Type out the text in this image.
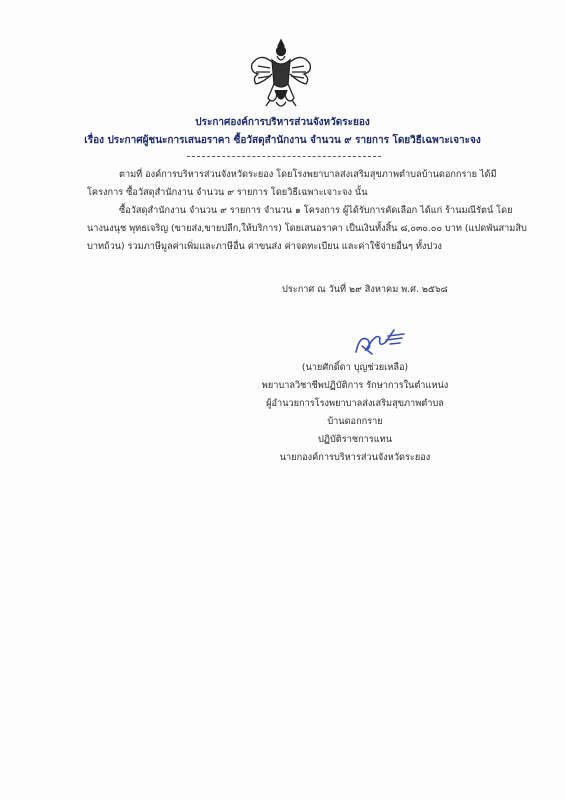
ประกาศองค์การบริหารส่วนจังหวัดระยอง
เรื่อง ประกาศผู้ชนะการเสนอราคา ซื้อวัสดุสำนักงาน จำนวน ๙ รายการ โดยวิธีเฉพาะเจาะจง
ตามที่ องค์การบริหารส่วนจังหวัดระยอง โดยโรงพยาบาลส่งเสริมสุขภาพตำบลบ้านดอกกราย ได้มี
โครงการ ซื้อวัสดุสำนักงาน จำนวน ๙ รายการ โดยวิธีเฉพาะเจาะจง นั้น
ซื้อวัสดุสำนักงาน จำนวน ๙ รายการ จำนวน ๑ โครงการ ผู้ได้รับการคัดเลือก ได้แก่ ร้านมณีรัตน์ โดย
นางนงนุช พุทธเจริญ (ขายส่ง,ขายปลีก,ให้บริการ) โดยเสนอราคา เป็นเงินทั้งสิ้น ๘,๐๓๐.๐๐ บาท (แปดพันสามสิบ
บาทถ้วน) รวมภาษีมูลค่าเพิ่มและภาษีอื่น ค่าขนส่ง ค่าจดทะเบียน และค่าใช้จ่ายอื่นๆ ทั้งปวง
ประกาศ ณ วันที่ ๒๙ สิงหาคม พ.ศ. ๒๕๖๘
(นายศักดิ์ดา บุญช่วยเหลือ)
พยาบาลวิชาชีพปฏิบัติการ รักษาการในตำแหน่ง
ผู้อำนวยการโรงพยาบาลส่งเสริมสุขภาพตำบล
บ้านดอกกราย
ปฏิบัติราชการแทน
นายกองค์การบริหารส่วนจังหวัดระยอง
